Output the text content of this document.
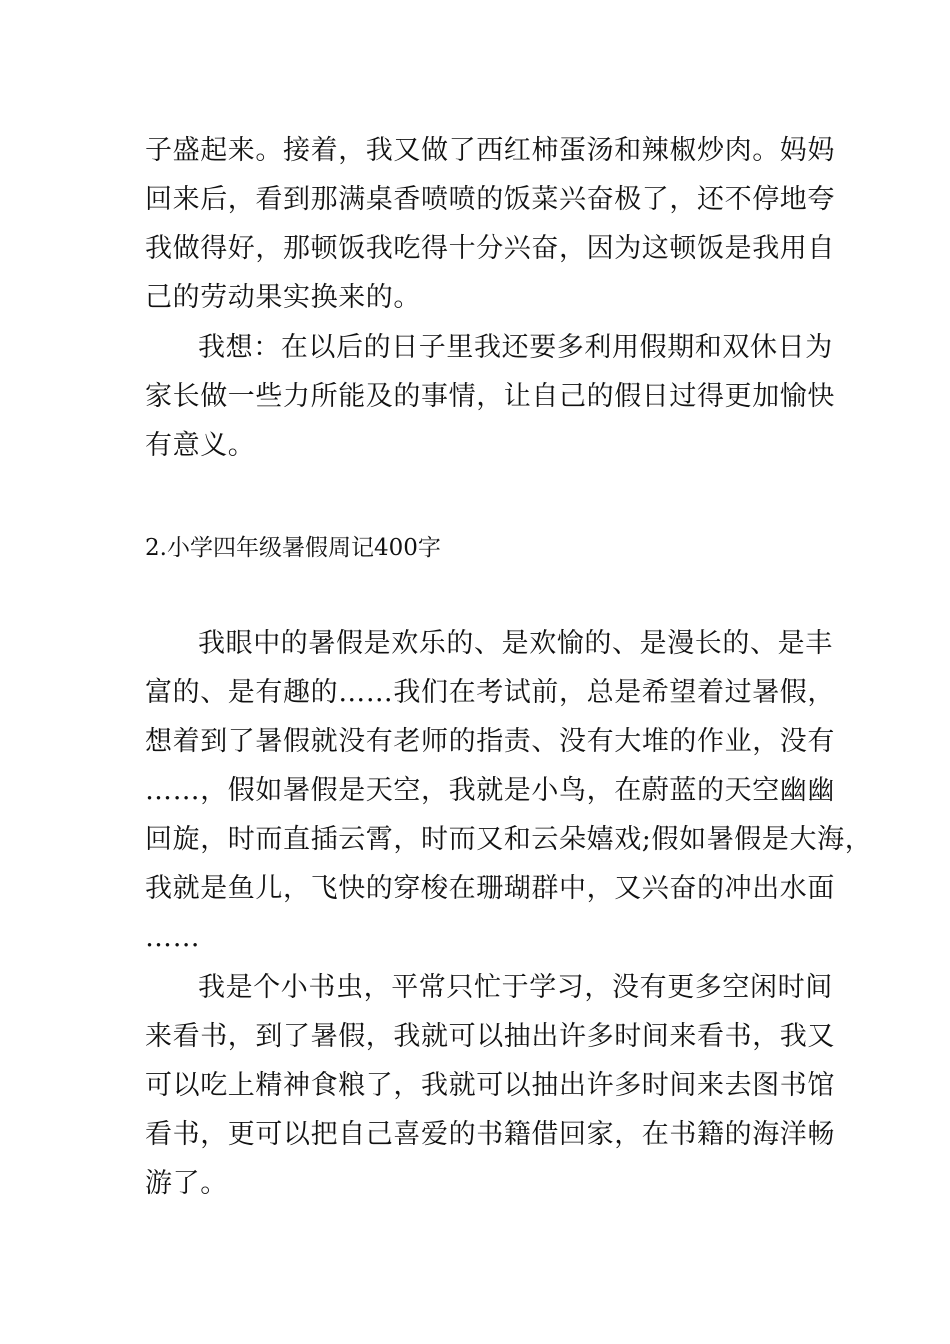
子盛起来。接着，我又做了西红柿蛋汤和辣椒炒肉。妈妈
回来后，看到那满桌香喷喷的饭菜兴奋极了，还不停地夸
我做得好，那顿饭我吃得十分兴奋，因为这顿饭是我用自
己的劳动果实换来的。
我想：在以后的日子里我还要多利用假期和双休日为
家长做一些力所能及的事情，让自己的假日过得更加愉快
有意义。
2.小学四年级暑假周记400字
我眼中的暑假是欢乐的、是欢愉的、是漫长的、是丰
富的、是有趣的……我们在考试前，总是希望着过暑假，
想着到了暑假就没有老师的指责、没有大堆的作业，没有
……，假如暑假是天空，我就是小鸟，在蔚蓝的天空幽幽
回旋，时而直插云霄，时而又和云朵嬉戏;假如暑假是大海，
我就是鱼儿，飞快的穿梭在珊瑚群中，又兴奋的冲出水面
……
我是个小书虫，平常只忙于学习，没有更多空闲时间
来看书，到了暑假，我就可以抽出许多时间来看书，我又
可以吃上精神食粮了，我就可以抽出许多时间来去图书馆
看书，更可以把自己喜爱的书籍借回家，在书籍的海洋畅
游了。
